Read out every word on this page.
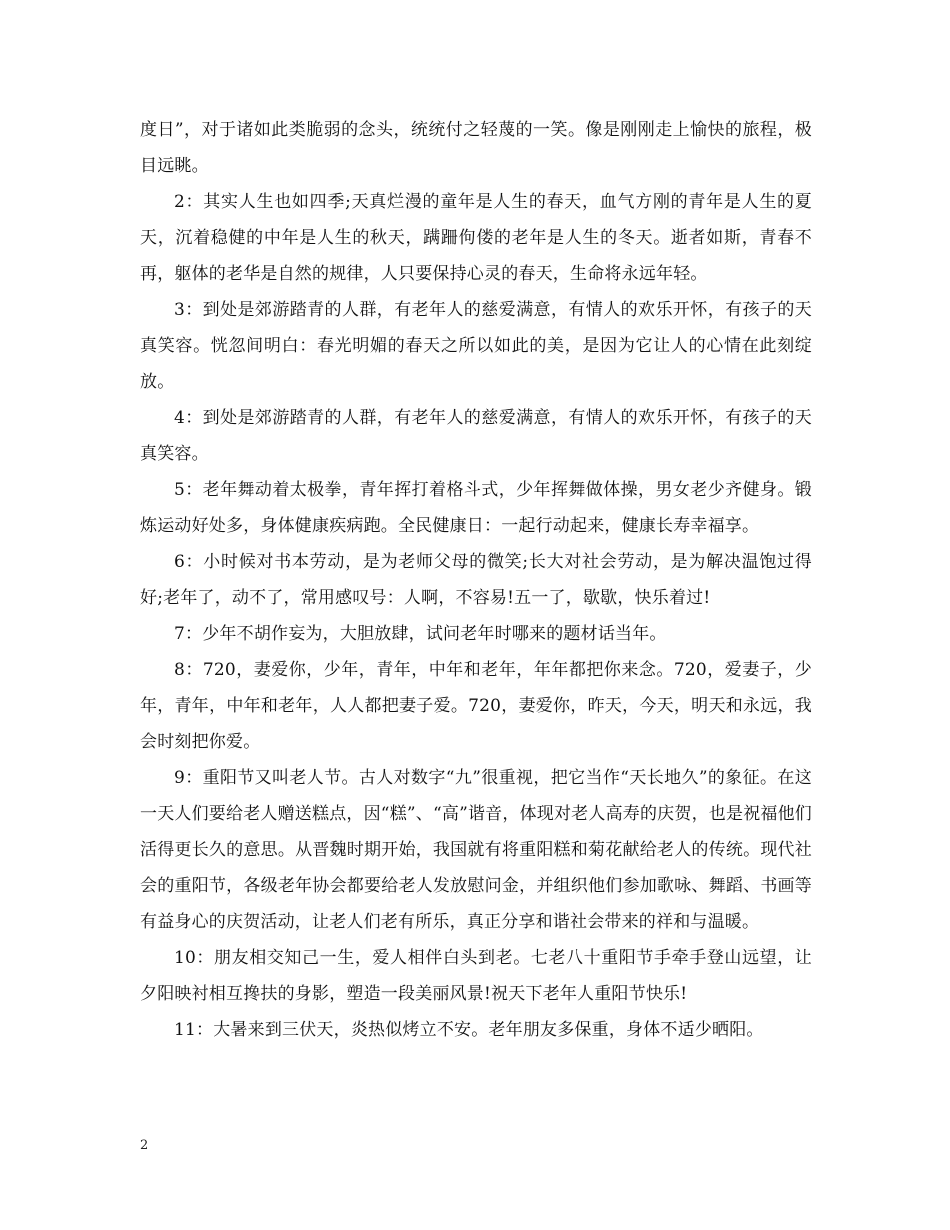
度日”，对于诸如此类脆弱的念头，统统付之轻蔑的一笑。像是刚刚走上愉快的旅程，极目远眺。

2：其实人生也如四季;天真烂漫的童年是人生的春天，血气方刚的青年是人生的夏天，沉着稳健的中年是人生的秋天，蹒跚佝偻的老年是人生的冬天。逝者如斯，青春不再，躯体的老华是自然的规律，人只要保持心灵的春天，生命将永远年轻。

3：到处是郊游踏青的人群，有老年人的慈爱满意，有情人的欢乐开怀，有孩子的天真笑容。恍忽间明白：春光明媚的春天之所以如此的美，是因为它让人的心情在此刻绽放。

4：到处是郊游踏青的人群，有老年人的慈爱满意，有情人的欢乐开怀，有孩子的天真笑容。

5：老年舞动着太极拳，青年挥打着格斗式，少年挥舞做体操，男女老少齐健身。锻炼运动好处多，身体健康疾病跑。全民健康日：一起行动起来，健康长寿幸福享。

6：小时候对书本劳动，是为老师父母的微笑;长大对社会劳动，是为解决温饱过得好;老年了，动不了，常用感叹号：人啊，不容易!五一了，歇歇，快乐着过!

7：少年不胡作妄为，大胆放肆，试问老年时哪来的题材话当年。

8：720，妻爱你，少年，青年，中年和老年，年年都把你来念。720，爱妻子，少年，青年，中年和老年，人人都把妻子爱。720，妻爱你，昨天，今天，明天和永远，我会时刻把你爱。

9：重阳节又叫老人节。古人对数字“九”很重视，把它当作“天长地久”的象征。在这一天人们要给老人赠送糕点，因“糕”、“高”谐音，体现对老人高寿的庆贺，也是祝福他们活得更长久的意思。从晋魏时期开始，我国就有将重阳糕和菊花献给老人的传统。现代社会的重阳节，各级老年协会都要给老人发放慰问金，并组织他们参加歌咏、舞蹈、书画等有益身心的庆贺活动，让老人们老有所乐，真正分享和谐社会带来的祥和与温暖。

10：朋友相交知己一生，爱人相伴白头到老。七老八十重阳节手牵手登山远望，让夕阳映衬相互搀扶的身影，塑造一段美丽风景!祝天下老年人重阳节快乐!

11：大暑来到三伏天，炎热似烤立不安。老年朋友多保重，身体不适少晒阳。

2
